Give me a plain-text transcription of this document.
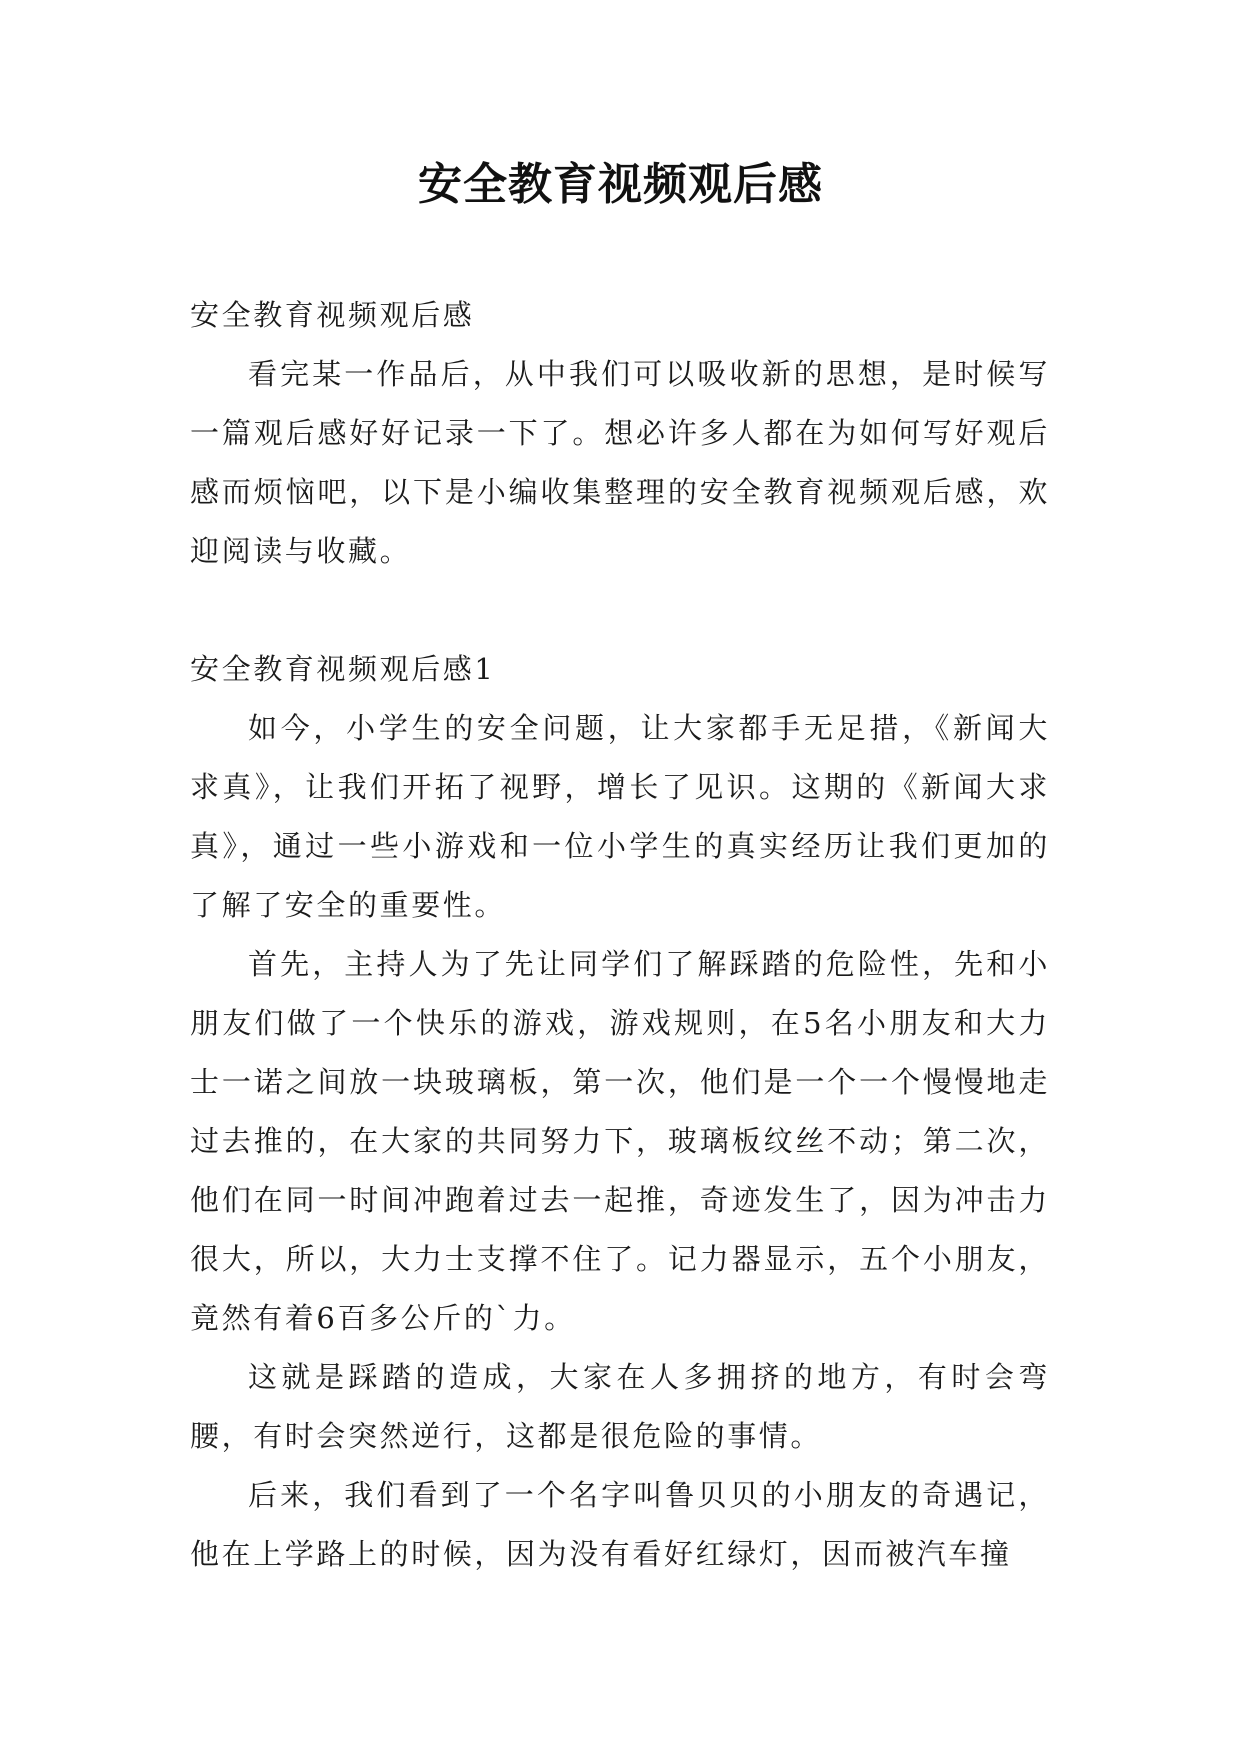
安全教育视频观后感

安全教育视频观后感

看完某一作品后，从中我们可以吸收新的思想，是时候写一篇观后感好好记录一下了。想必许多人都在为如何写好观后感而烦恼吧，以下是小编收集整理的安全教育视频观后感，欢迎阅读与收藏。

安全教育视频观后感1

如今，小学生的安全问题，让大家都手无足措，《新闻大求真》，让我们开拓了视野，增长了见识。这期的《新闻大求真》，通过一些小游戏和一位小学生的真实经历让我们更加的了解了安全的重要性。

首先，主持人为了先让同学们了解踩踏的危险性，先和小朋友们做了一个快乐的游戏，游戏规则，在5名小朋友和大力士一诺之间放一块玻璃板，第一次，他们是一个一个慢慢地走过去推的，在大家的共同努力下，玻璃板纹丝不动；第二次，他们在同一时间冲跑着过去一起推，奇迹发生了，因为冲击力很大，所以，大力士支撑不住了。记力器显示，五个小朋友，竟然有着6百多公斤的`力。

这就是踩踏的造成，大家在人多拥挤的地方，有时会弯腰，有时会突然逆行，这都是很危险的事情。

后来，我们看到了一个名字叫鲁贝贝的小朋友的奇遇记，他在上学路上的时候，因为没有看好红绿灯，因而被汽车撞
